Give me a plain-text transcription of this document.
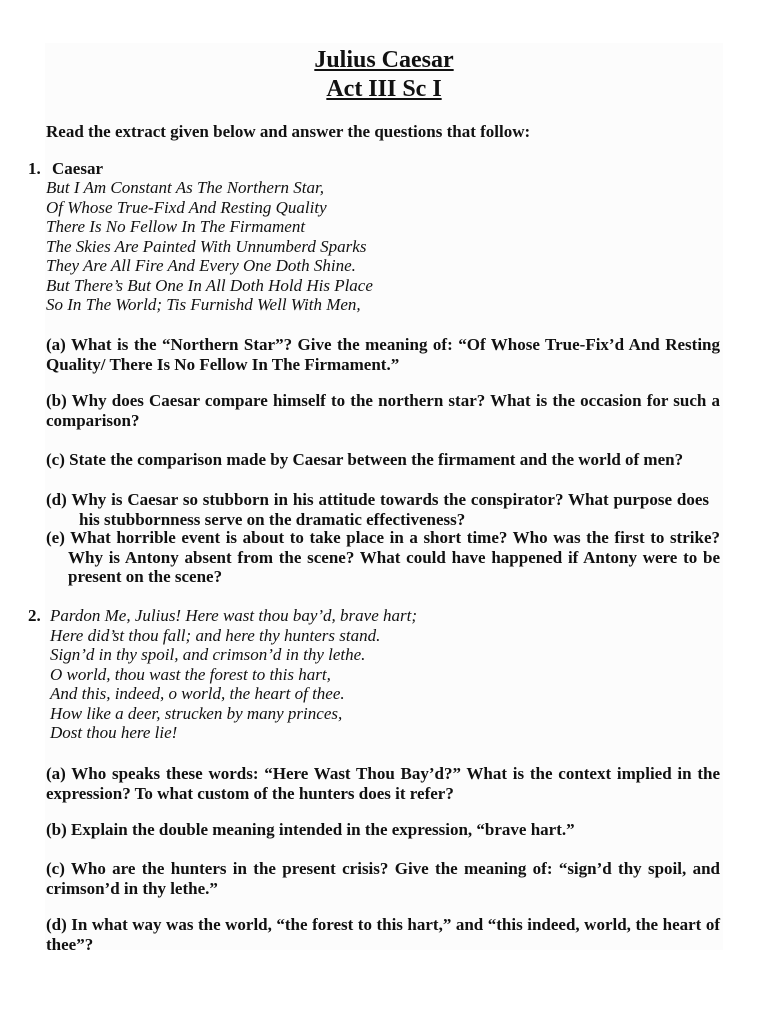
Julius Caesar
Act III Sc I

Read the extract given below and answer the questions that follow:

1. Caesar
But I Am Constant As The Northern Star,
Of Whose True-Fixd And Resting Quality
There Is No Fellow In The Firmament
The Skies Are Painted With Unnumberd Sparks
They Are All Fire And Every One Doth Shine.
But There’s But One In All Doth Hold His Place
So In The World; Tis Furnishd Well With Men,

(a) What is the “Northern Star”? Give the meaning of: “Of Whose True-Fix’d And Resting Quality/ There Is No Fellow In The Firmament.”

(b) Why does Caesar compare himself to the northern star? What is the occasion for such a comparison?

(c) State the comparison made by Caesar between the firmament and the world of men?

(d) Why is Caesar so stubborn in his attitude towards the conspirator? What purpose does his stubbornness serve on the dramatic effectiveness?

(e) What horrible event is about to take place in a short time? Who was the first to strike? Why is Antony absent from the scene? What could have happened if Antony were to be present on the scene?

2. Pardon Me, Julius! Here wast thou bay’d, brave hart;
Here did’st thou fall; and here thy hunters stand.
Sign’d in thy spoil, and crimson’d in thy lethe.
O world, thou wast the forest to this hart,
And this, indeed, o world, the heart of thee.
How like a deer, strucken by many princes,
Dost thou here lie!

(a) Who speaks these words: “Here Wast Thou Bay’d?” What is the context implied in the expression? To what custom of the hunters does it refer?

(b) Explain the double meaning intended in the expression, “brave hart.”

(c) Who are the hunters in the present crisis? Give the meaning of: “sign’d thy spoil, and crimson’d in thy lethe.”

(d) In what way was the world, “the forest to this hart,” and “this indeed, world, the heart of thee”?
